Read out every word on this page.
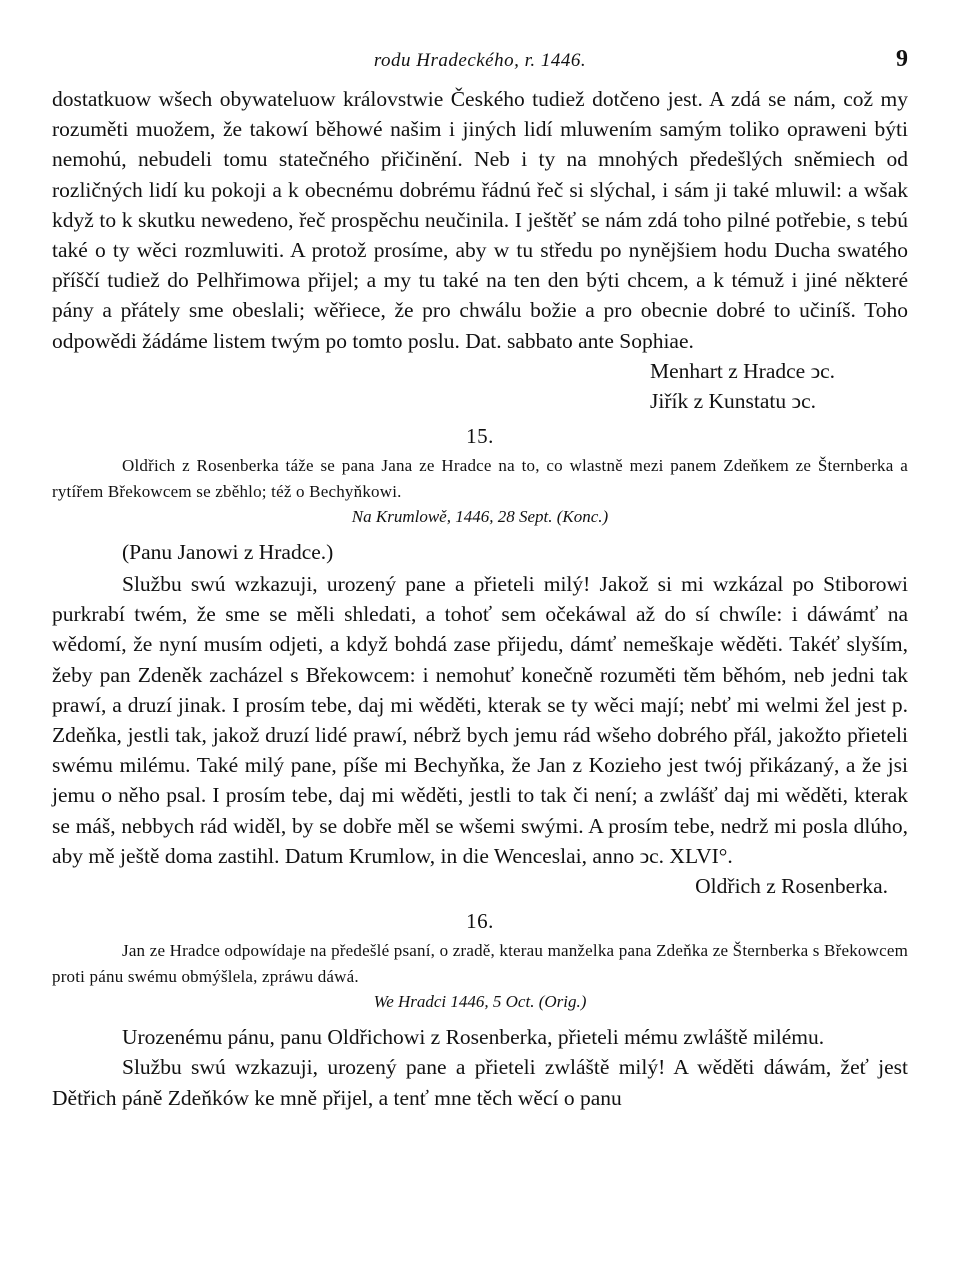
rodu Hradeckého, r. 1446.	9

dostatkuow wšech obywateluow královstwie Českého tudiež dotčeno jest. A zdá se nám, což my rozuměti muožem, že takowí běhowé našim i jiných lidí mluwením samým toliko opraweni býti nemohú, nebudeli tomu statečného přičinění. Neb i ty na mnohých předešlých sněmiech od rozličných lidí ku pokoji a k obecnému dobrému řádnú řeč si slýchal, i sám ji také mluwil: a wšak když to k skutku newedeno, řeč prospěchu neučinila. I ještěť se nám zdá toho pilné potřebie, s tebú také o ty wěci rozmluwiti. A protož prosíme, aby w tu středu po nynějšiem hodu Ducha swatého příščí tudiež do Pelhřimowa přijel; a my tu také na ten den býti chcem, a k témuž i jiné některé pány a přátely sme obeslali; wěřiece, že pro chwálu božie a pro obecnie dobré to učiníš. Toho odpowědi žádáme listem twým po tomto poslu. Dat. sabbato ante Sophiae.

Menhart z Hradce ͻc.
Jiřík z Kunstatu ͻc.
15.

Oldřich z Rosenberka táže se pana Jana ze Hradce na to, co wlastně mezi panem Zdeňkem ze Šternberka a rytířem Břekowcem se zběhlo; též o Bechyňkowi.

Na Krumlowě, 1446, 28 Sept. (Konc.)
(Panu Janowi z Hradce.)

Službu swú wzkazuji, urozený pane a přieteli milý! Jakož si mi wzkázal po Stiborowi purkrabí twém, že sme se měli shledati, a tohoť sem očekáwal až do sí chwíle: i dáwámť na wědomí, že nyní musím odjeti, a když bohdá zase přijedu, dámť nemeškaje wěděti. Takéť slyším, žeby pan Zdeněk zacházel s Břekowcem: i nemohuť konečně rozuměti těm běhóm, neb jedni tak prawí, a druzí jinak. I prosím tebe, daj mi wěděti, kterak se ty wěci mají; nebť mi welmi žel jest p. Zdeňka, jestli tak, jakož druzí lidé prawí, nébrž bych jemu rád wšeho dobrého přál, jakožto přieteli swému milému. Také milý pane, píše mi Bechyňka, že Jan z Kozieho jest twój přikázaný, a že jsi jemu o něho psal. I prosím tebe, daj mi wěděti, jestli to tak či není; a zwlášť daj mi wěděti, kterak se máš, nebbych rád widěl, by se dobře měl se wšemi swými. A prosím tebe, nedrž mi posla dlúho, aby mě ještě doma zastihl. Datum Krumlow, in die Wenceslai, anno ͻc. XLVI°.

Oldřich z Rosenberka.
16.

Jan ze Hradce odpowídaje na předešlé psaní, o zradě, kterau manželka pana Zdeňka ze Šternberka s Břekowcem proti pánu swému obmýšlela, zpráwu dáwá.

We Hradci 1446, 5 Oct. (Orig.)

Urozenému pánu, panu Oldřichowi z Rosenberka, přieteli mému zwláště milému.

Službu swú wzkazuji, urozený pane a přieteli zwláště milý! A wěděti dáwám, žeť jest Dětřich páně Zdeňków ke mně přijel, a tenť mne těch wěcí o panu
